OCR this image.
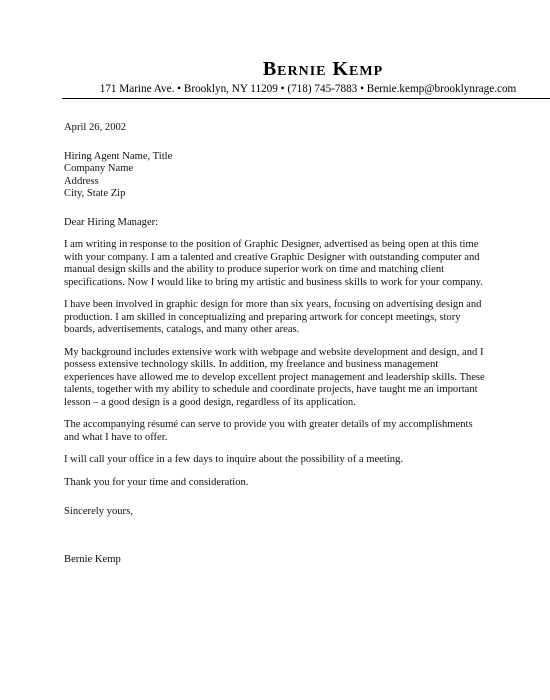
Bernie Kemp
171 Marine Ave. • Brooklyn, NY 11209 • (718) 745-7883 • Bernie.kemp@brooklynrage.com
April 26, 2002
Hiring Agent Name, Title
Company Name
Address
City, State Zip
Dear Hiring Manager:

I am writing in response to the position of Graphic Designer, advertised as being open at this time with your company. I am a talented and creative Graphic Designer with outstanding computer and manual design skills and the ability to produce superior work on time and matching client specifications. Now I would like to bring my artistic and business skills to work for your company.

I have been involved in graphic design for more than six years, focusing on advertising design and production. I am skilled in conceptualizing and preparing artwork for concept meetings, story boards, advertisements, catalogs, and many other areas.

My background includes extensive work with webpage and website development and design, and I possess extensive technology skills. In addition, my freelance and business management experiences have allowed me to develop excellent project management and leadership skills. These talents, together with my ability to schedule and coordinate projects, have taught me an important lesson – a good design is a good design, regardless of its application.

The accompanying résumé can serve to provide you with greater details of my accomplishments and what I have to offer.

I will call your office in a few days to inquire about the possibility of a meeting.

Thank you for your time and consideration.

Sincerely yours,
Bernie Kemp
